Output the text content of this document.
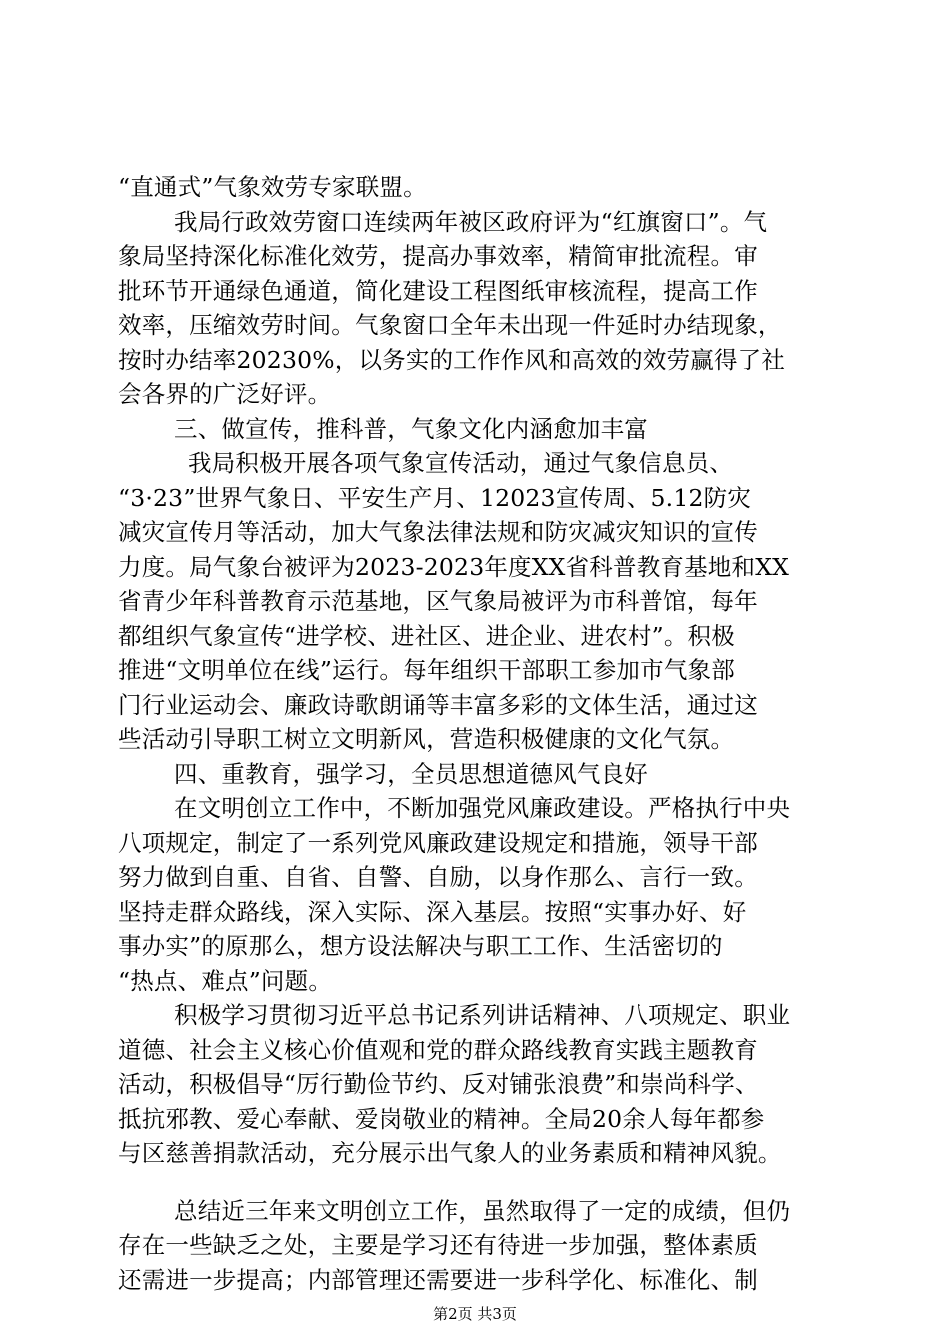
“直通式”气象效劳专家联盟。
我局行政效劳窗口连续两年被区政府评为“红旗窗口”。气
象局坚持深化标准化效劳，提高办事效率，精简审批流程。审
批环节开通绿色通道，简化建设工程图纸审核流程，提高工作
效率，压缩效劳时间。气象窗口全年未出现一件延时办结现象，
按时办结率20230%，以务实的工作作风和高效的效劳赢得了社
会各界的广泛好评。
三、做宣传，推科普，气象文化内涵愈加丰富
我局积极开展各项气象宣传活动，通过气象信息员、
“3·23”世界气象日、平安生产月、12023宣传周、5.12防灾
减灾宣传月等活动，加大气象法律法规和防灾减灾知识的宣传
力度。局气象台被评为2023-2023年度XX省科普教育基地和XX
省青少年科普教育示范基地，区气象局被评为市科普馆，每年
都组织气象宣传“进学校、进社区、进企业、进农村”。积极
推进“文明单位在线”运行。每年组织干部职工参加市气象部
门行业运动会、廉政诗歌朗诵等丰富多彩的文体生活，通过这
些活动引导职工树立文明新风，营造积极健康的文化气氛。
四、重教育，强学习，全员思想道德风气良好
在文明创立工作中，不断加强党风廉政建设。严格执行中央
八项规定，制定了一系列党风廉政建设规定和措施，领导干部
努力做到自重、自省、自警、自励，以身作那么、言行一致。
坚持走群众路线，深入实际、深入基层。按照“实事办好、好
事办实”的原那么，想方设法解决与职工工作、生活密切的
“热点、难点”问题。
积极学习贯彻习近平总书记系列讲话精神、八项规定、职业
道德、社会主义核心价值观和党的群众路线教育实践主题教育
活动，积极倡导“厉行勤俭节约、反对铺张浪费”和崇尚科学、
抵抗邪教、爱心奉献、爱岗敬业的精神。全局20余人每年都参
与区慈善捐款活动，充分展示出气象人的业务素质和精神风貌。
总结近三年来文明创立工作，虽然取得了一定的成绩，但仍
存在一些缺乏之处，主要是学习还有待进一步加强，整体素质
还需进一步提高；内部管理还需要进一步科学化、标准化、制
第2页 共3页
